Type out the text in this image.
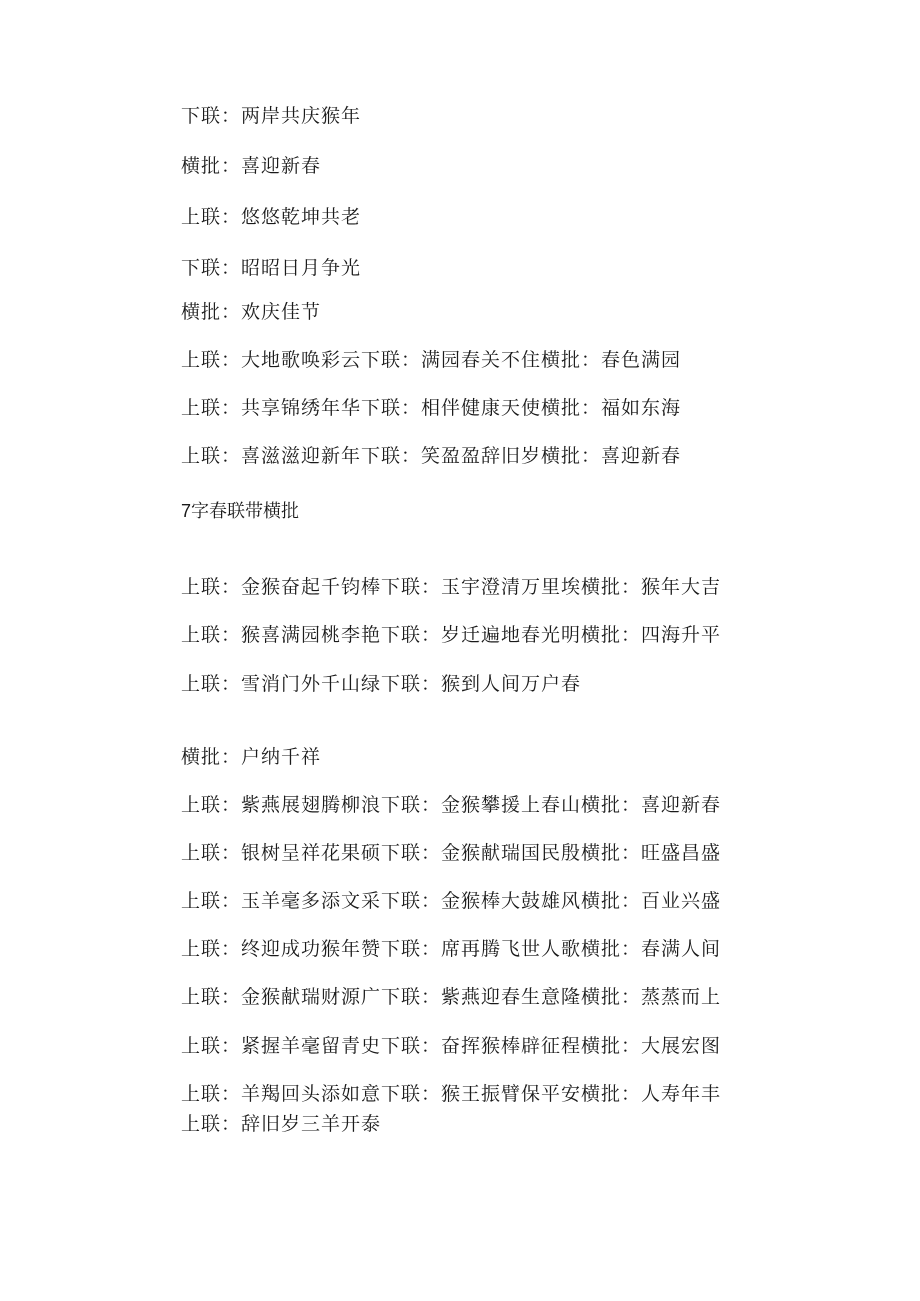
下联：两岸共庆猴年
横批：喜迎新春
上联：悠悠乾坤共老
下联：昭昭日月争光
横批：欢庆佳节
上联：大地歌唤彩云下联：满园春关不住横批：春色满园
上联：共享锦绣年华下联：相伴健康天使横批：福如东海
上联：喜滋滋迎新年下联：笑盈盈辞旧岁横批：喜迎新春
7字春联带横批
上联：金猴奋起千钧棒下联：玉宇澄清万里埃横批：猴年大吉
上联：猴喜满园桃李艳下联：岁迁遍地春光明横批：四海升平
上联：雪消门外千山绿下联：猴到人间万户春
横批：户纳千祥
上联：紫燕展翅腾柳浪下联：金猴攀援上春山横批：喜迎新春
上联：银树呈祥花果硕下联：金猴献瑞国民殷横批：旺盛昌盛
上联：玉羊毫多添文采下联：金猴棒大鼓雄风横批：百业兴盛
上联：终迎成功猴年赞下联：席再腾飞世人歌横批：春满人间
上联：金猴献瑞财源广下联：紫燕迎春生意隆横批：蒸蒸而上
上联：紧握羊毫留青史下联：奋挥猴棒辟征程横批：大展宏图
上联：羊羯回头添如意下联：猴王振臂保平安横批：人寿年丰
上联：辞旧岁三羊开泰
